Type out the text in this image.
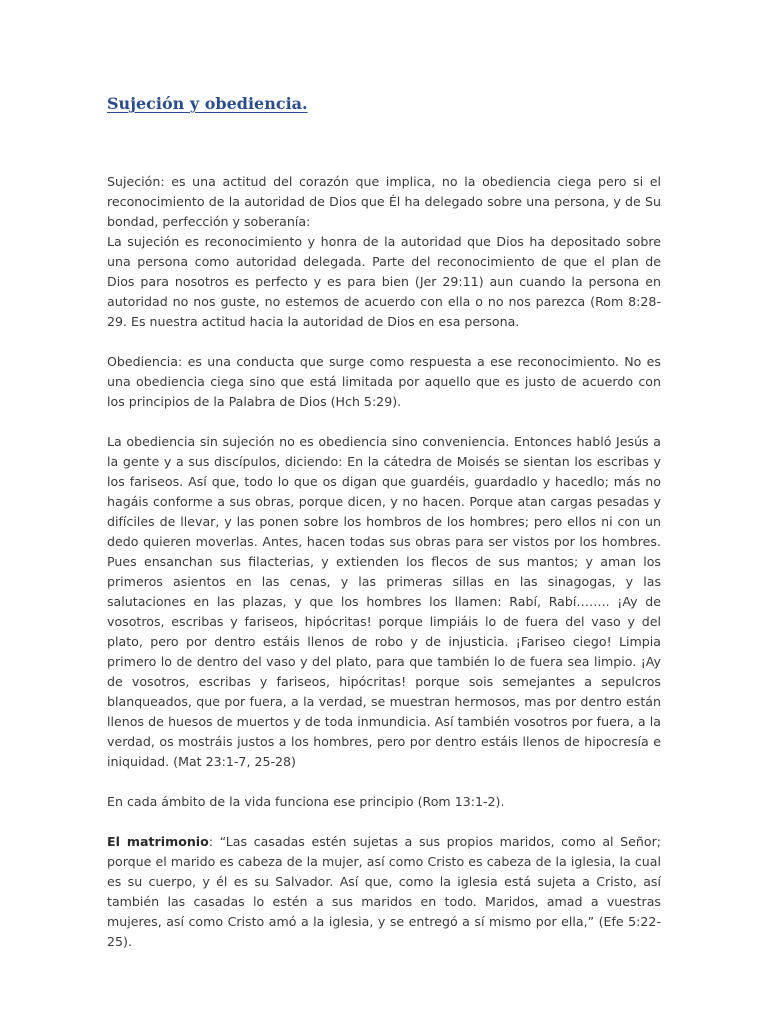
Sujeción y obediencia.

Sujeción: es una actitud del corazón que implica, no la obediencia ciega pero si el reconocimiento de la autoridad de Dios que Él ha delegado sobre una persona, y de Su bondad, perfección y soberanía:

La sujeción es reconocimiento y honra de la autoridad que Dios ha depositado sobre una persona como autoridad delegada. Parte del reconocimiento de que el plan de Dios para nosotros es perfecto y es para bien (Jer 29:11) aun cuando la persona en autoridad no nos guste, no estemos de acuerdo con ella o no nos parezca (Rom 8:28-29. Es nuestra actitud hacia la autoridad de Dios en esa persona.

Obediencia: es una conducta que surge como respuesta a ese reconocimiento. No es una obediencia ciega sino que está limitada por aquello que es justo de acuerdo con los principios de la Palabra de Dios (Hch 5:29).

La obediencia sin sujeción no es obediencia sino conveniencia. Entonces habló Jesús a la gente y a sus discípulos, diciendo: En la cátedra de Moisés se sientan los escribas y los fariseos. Así que, todo lo que os digan que guardéis, guardadlo y hacedlo; más no hagáis conforme a sus obras, porque dicen, y no hacen. Porque atan cargas pesadas y difíciles de llevar, y las ponen sobre los hombros de los hombres; pero ellos ni con un dedo quieren moverlas. Antes, hacen todas sus obras para ser vistos por los hombres. Pues ensanchan sus filacterias, y extienden los flecos de sus mantos; y aman los primeros asientos en las cenas, y las primeras sillas en las sinagogas, y las salutaciones en las plazas, y que los hombres los llamen: Rabí, Rabí…….. ¡Ay de vosotros, escribas y fariseos, hipócritas! porque limpiáis lo de fuera del vaso y del plato, pero por dentro estáis llenos de robo y de injusticia. ¡Fariseo ciego! Limpia primero lo de dentro del vaso y del plato, para que también lo de fuera sea limpio. ¡Ay de vosotros, escribas y fariseos, hipócritas! porque sois semejantes a sepulcros blanqueados, que por fuera, a la verdad, se muestran hermosos, mas por dentro están llenos de huesos de muertos y de toda inmundicia. Así también vosotros por fuera, a la verdad, os mostráis justos a los hombres, pero por dentro estáis llenos de hipocresía e iniquidad. (Mat 23:1-7, 25-28)

En cada ámbito de la vida funciona ese principio (Rom 13:1-2).

El matrimonio: “Las casadas estén sujetas a sus propios maridos, como al Señor; porque el marido es cabeza de la mujer, así como Cristo es cabeza de la iglesia, la cual es su cuerpo, y él es su Salvador. Así que, como la iglesia está sujeta a Cristo, así también las casadas lo estén a sus maridos en todo. Maridos, amad a vuestras mujeres, así como Cristo amó a la iglesia, y se entregó a sí mismo por ella,” (Efe 5:22-25).
